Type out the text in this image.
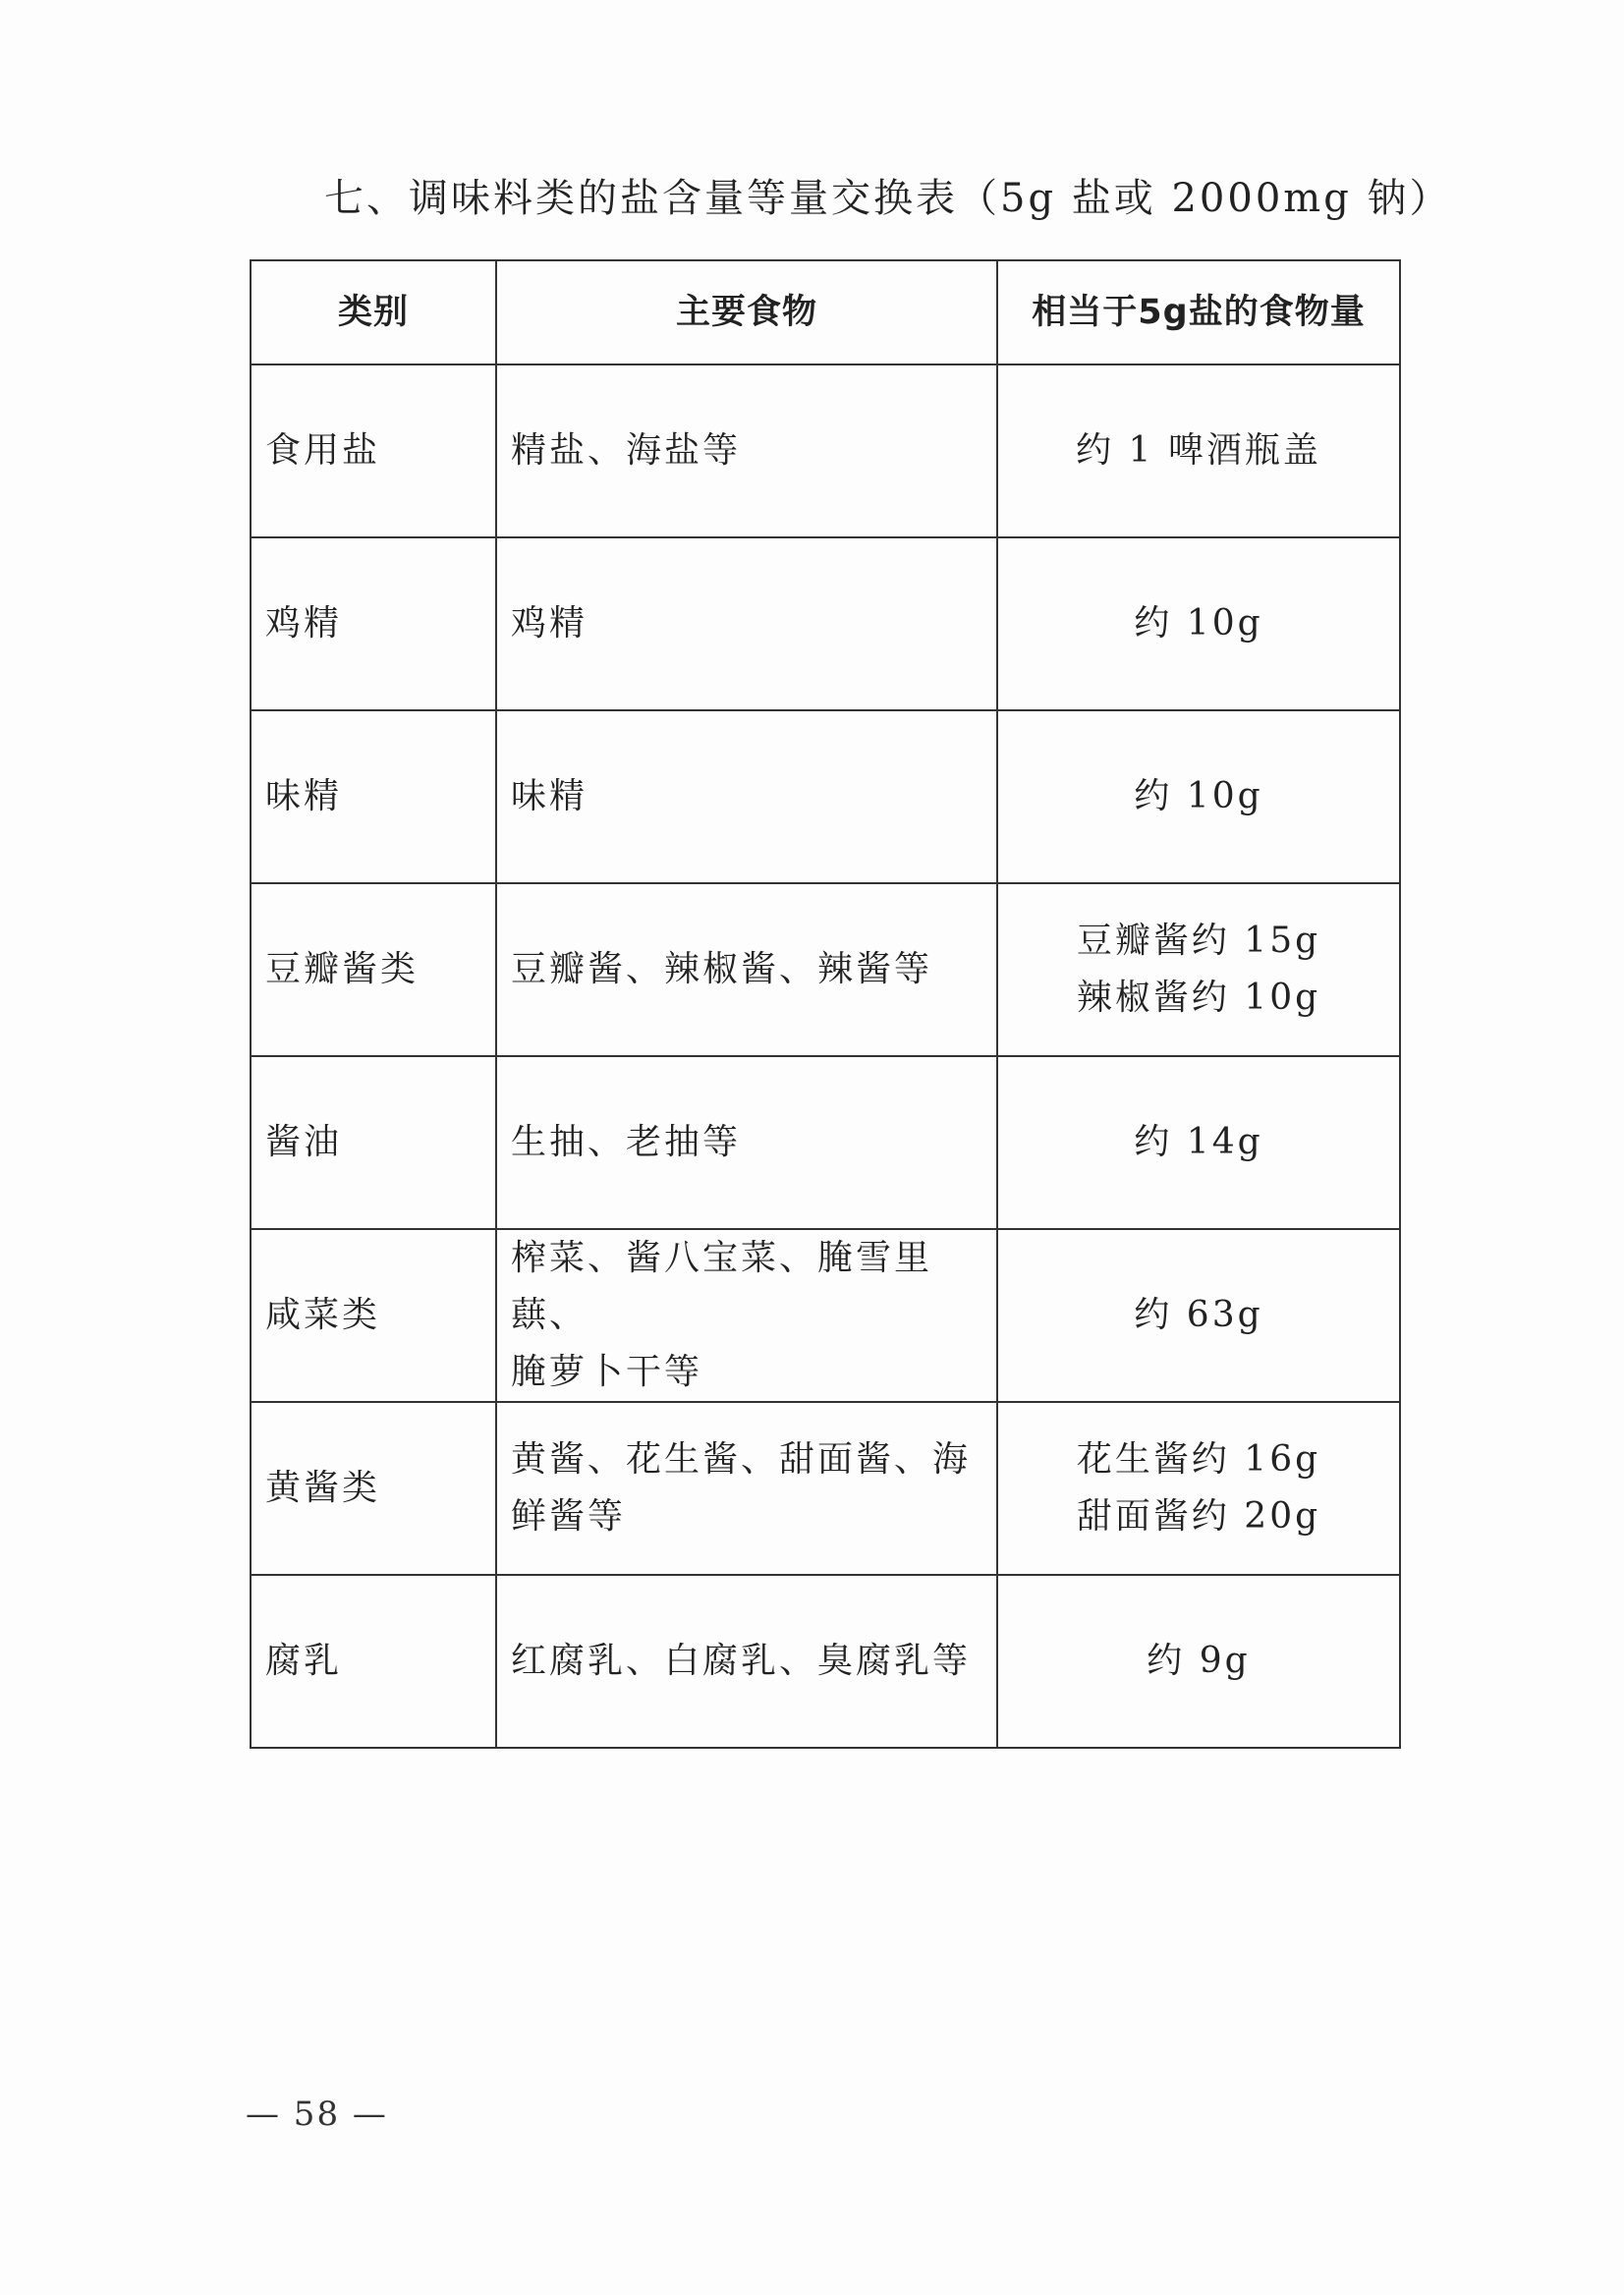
七、调味料类的盐含量等量交换表（5g 盐或 2000mg 钠）
类别	主要食物	相当于5g盐的食物量
食用盐	精盐、海盐等	约 1 啤酒瓶盖

鸡精	鸡精	约 10g

味精	味精	约 10g

豆瓣酱类	豆瓣酱、辣椒酱、辣酱等	豆瓣酱约 15g
辣椒酱约 10g

酱油	生抽、老抽等	约 14g

咸菜类	榨菜、酱八宝菜、腌雪里蕻、
腌萝卜干等	约 63g

黄酱类	黄酱、花生酱、甜面酱、海
鲜酱等	花生酱约 16g
甜面酱约 20g

腐乳	红腐乳、白腐乳、臭腐乳等	约 9g
— 58 —
